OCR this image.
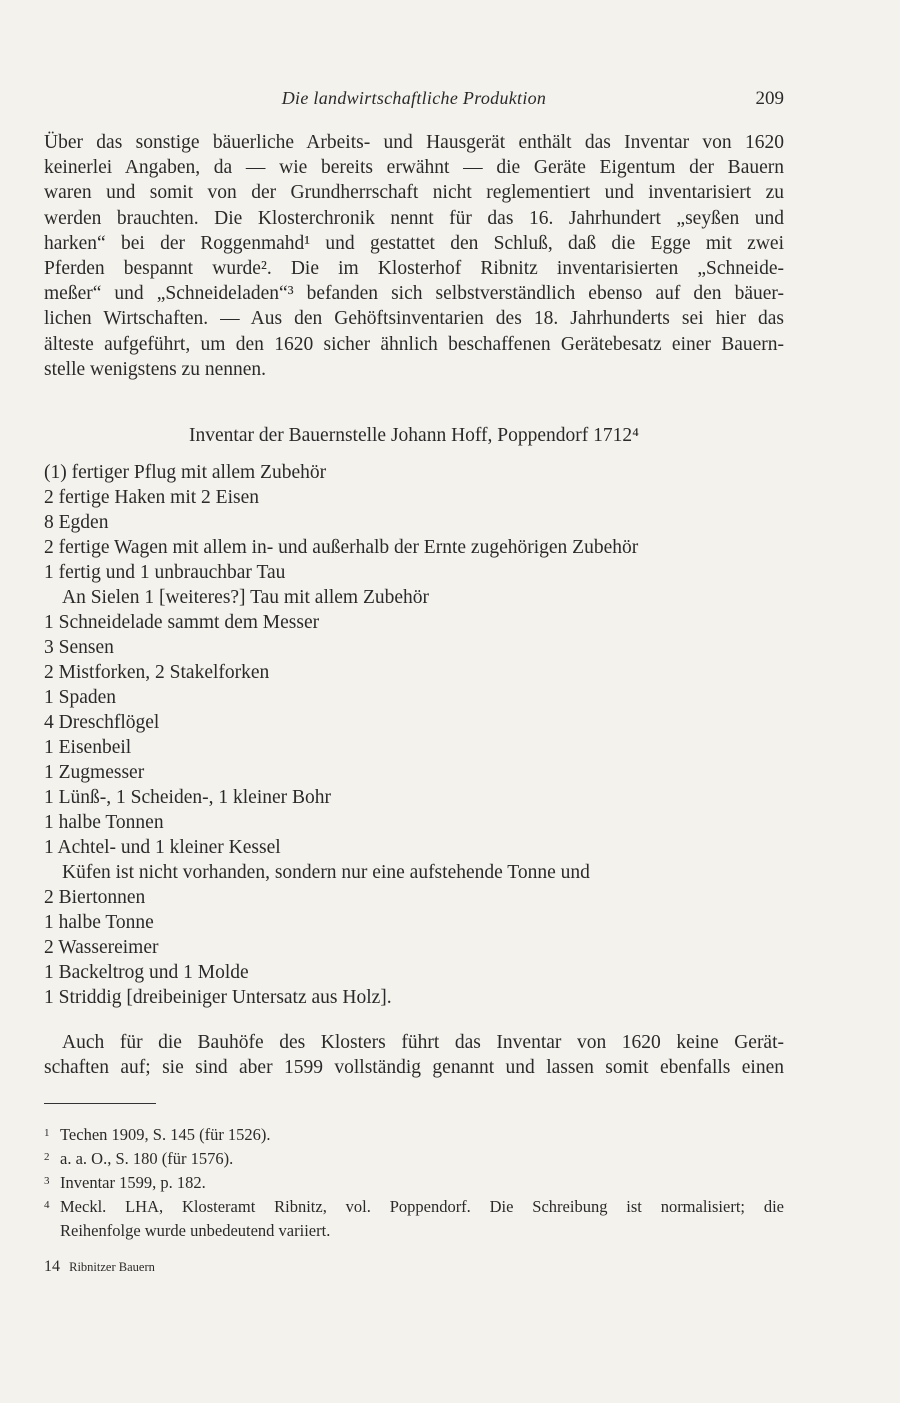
Die landwirtschaftliche Produktion	209

Über das sonstige bäuerliche Arbeits- und Hausgerät enthält das Inventar von 1620
keinerlei Angaben, da — wie bereits erwähnt — die Geräte Eigentum der Bauern
waren und somit von der Grundherrschaft nicht reglementiert und inventarisiert zu
werden brauchten. Die Klosterchronik nennt für das 16. Jahrhundert „seyßen und
harken“ bei der Roggenmahd¹ und gestattet den Schluß, daß die Egge mit zwei
Pferden bespannt wurde². Die im Klosterhof Ribnitz inventarisierten „Schneide-
meßer“ und „Schneideladen“³ befanden sich selbstverständlich ebenso auf den bäuer-
lichen Wirtschaften. — Aus den Gehöftsinventarien des 18. Jahrhunderts sei hier das
älteste aufgeführt, um den 1620 sicher ähnlich beschaffenen Gerätebesatz einer Bauern-
stelle wenigstens zu nennen.

Inventar der Bauernstelle Johann Hoff, Poppendorf 1712⁴
(1) fertiger Pflug mit allem Zubehör
2 fertige Haken mit 2 Eisen
8 Egden
2 fertige Wagen mit allem in- und außerhalb der Ernte zugehörigen Zubehör
1 fertig und 1 unbrauchbar Tau
An Sielen 1 [weiteres?] Tau mit allem Zubehör
1 Schneidelade sammt dem Messer
3 Sensen
2 Mistforken, 2 Stakelforken
1 Spaden
4 Dreschflögel
1 Eisenbeil
1 Zugmesser
1 Lünß-, 1 Scheiden-, 1 kleiner Bohr
1 halbe Tonnen
1 Achtel- und 1 kleiner Kessel
Küfen ist nicht vorhanden, sondern nur eine aufstehende Tonne und
2 Biertonnen
1 halbe Tonne
2 Wassereimer
1 Backeltrog und 1 Molde
1 Striddig [dreibeiniger Untersatz aus Holz].

Auch für die Bauhöfe des Klosters führt das Inventar von 1620 keine Gerät-
schaften auf; sie sind aber 1599 vollständig genannt und lassen somit ebenfalls einen

1 Techen 1909, S. 145 (für 1526).
2 a. a. O., S. 180 (für 1576).
3 Inventar 1599, p. 182.
4 Meckl. LHA, Klosteramt Ribnitz, vol. Poppendorf. Die Schreibung ist normalisiert; die
Reihenfolge wurde unbedeutend variiert.
14 Ribnitzer Bauern
